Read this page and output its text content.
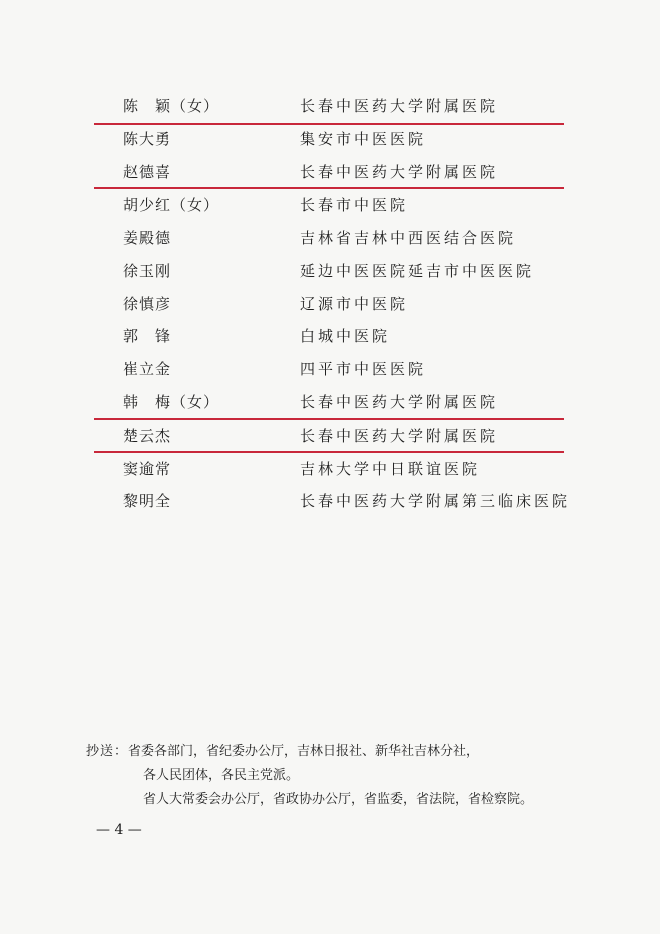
陈　颖（女）	长春中医药大学附属医院
陈大勇	集安市中医医院
赵德喜	长春中医药大学附属医院
胡少红（女）	长春市中医院
姜殿德	吉林省吉林中西医结合医院
徐玉刚	延边中医医院延吉市中医医院
徐慎彦	辽源市中医院
郭　锋	白城中医院
崔立金	四平市中医医院
韩　梅（女）	长春中医药大学附属医院
楚云杰	长春中医药大学附属医院
窦逾常	吉林大学中日联谊医院
黎明全	长春中医药大学附属第三临床医院
抄送：省委各部门，省纪委办公厅，吉林日报社、新华社吉林分社，
各人民团体，各民主党派。
省人大常委会办公厅，省政协办公厅，省监委，省法院，省检察院。
— 4 —
